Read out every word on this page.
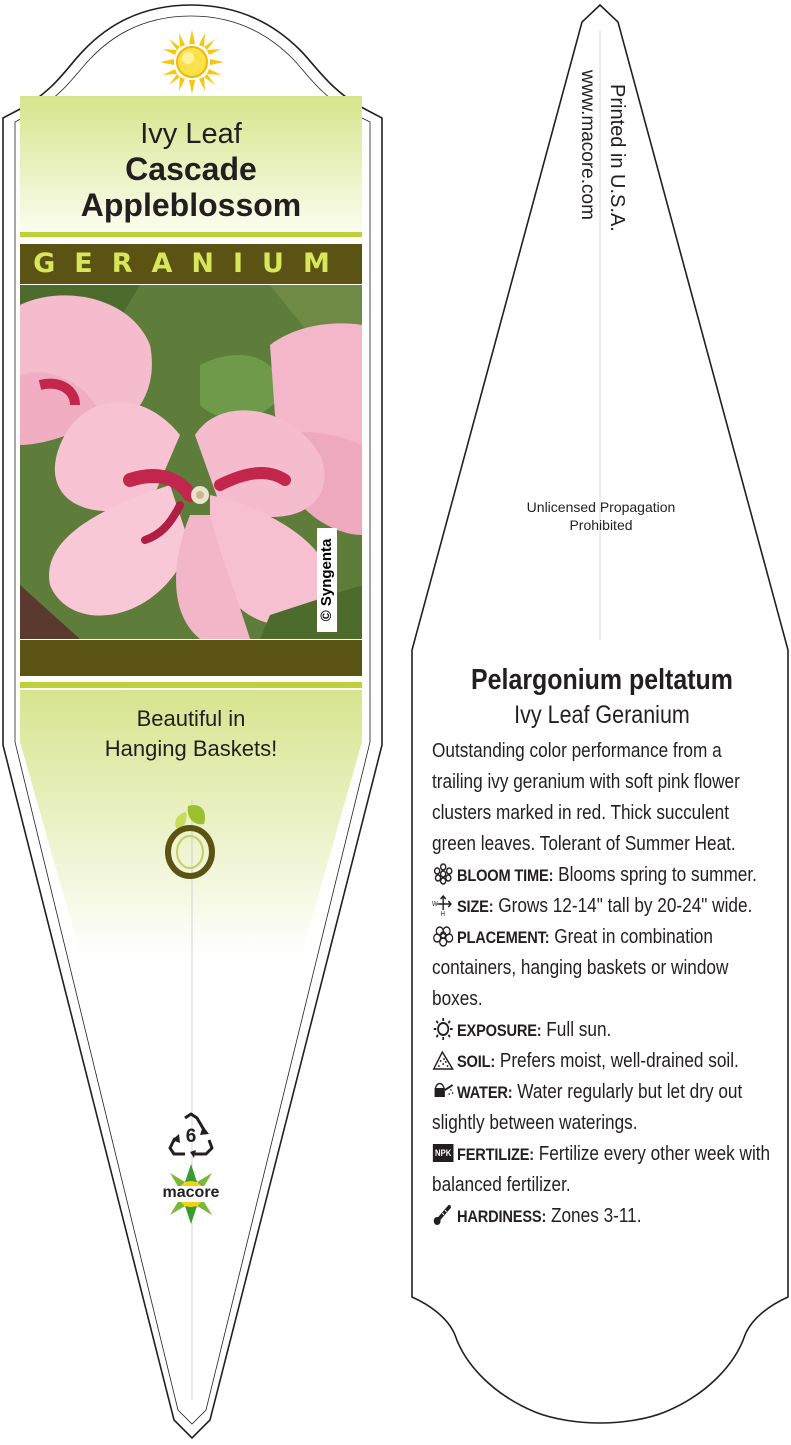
Ivy Leaf
Cascade
Appleblossom
GERANIUM
© Syngenta
Beautiful in
Hanging Baskets!
6
macore
Printed in U.S.A.
www.macore.com
Unlicensed Propagation
Prohibited
Pelargonium peltatum
Ivy Leaf Geranium
Outstanding color performance from a trailing ivy geranium with soft pink flower clusters marked in red. Thick succulent green leaves. Tolerant of Summer Heat.
BLOOM TIME: Blooms spring to summer.
W
H SIZE: Grows 12-14" tall by 20-24" wide.
PLACEMENT: Great in combination containers, hanging baskets or window boxes.
EXPOSURE: Full sun.
SOIL: Prefers moist, well-drained soil.
WATER: Water regularly but let dry out slightly between waterings.
NPK FERTILIZE: Fertilize every other week with balanced fertilizer.
HARDINESS: Zones 3-11.
